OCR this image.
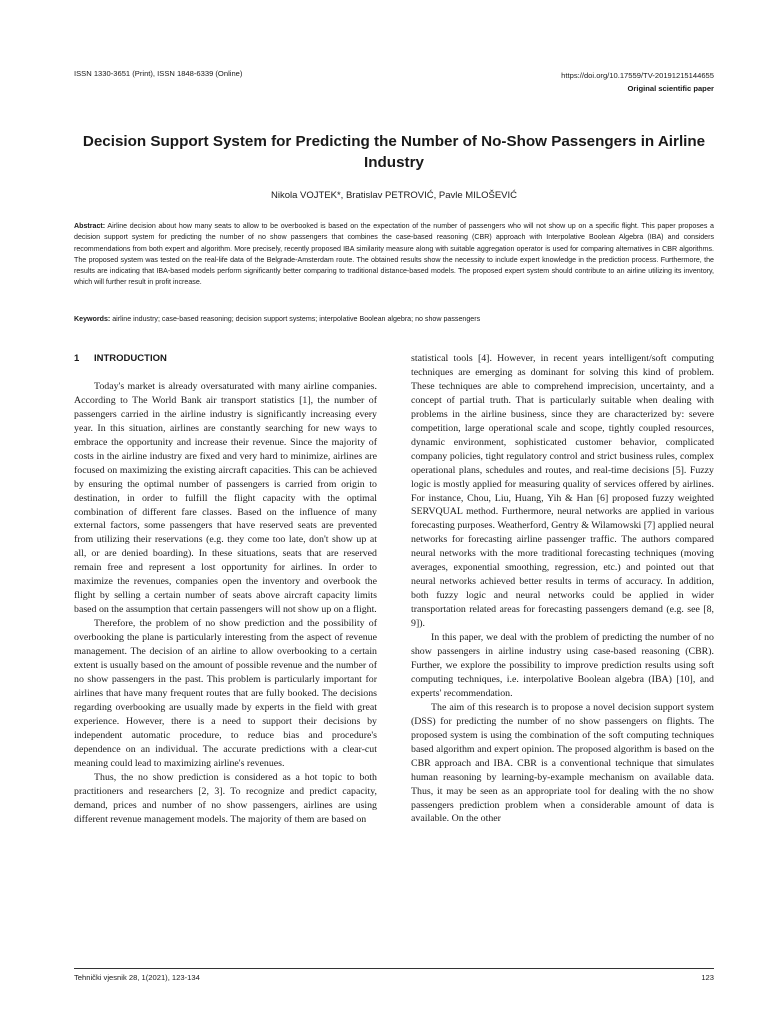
ISSN 1330-3651 (Print), ISSN 1848-6339 (Online)	https://doi.org/10.17559/TV-20191215144655
Original scientific paper
Decision Support System for Predicting the Number of No-Show Passengers in Airline Industry
Nikola VOJTEK*, Bratislav PETROVIĆ, Pavle MILOŠEVIĆ
Abstract: Airline decision about how many seats to allow to be overbooked is based on the expectation of the number of passengers who will not show up on a specific flight. This paper proposes a decision support system for predicting the number of no show passengers that combines the case-based reasoning (CBR) approach with Interpolative Boolean Algebra (IBA) and considers recommendations from both expert and algorithm. More precisely, recently proposed IBA similarity measure along with suitable aggregation operator is used for comparing alternatives in CBR algorithms. The proposed system was tested on the real-life data of the Belgrade-Amsterdam route. The obtained results show the necessity to include expert knowledge in the prediction process. Furthermore, the results are indicating that IBA-based models perform significantly better comparing to traditional distance-based models. The proposed expert system should contribute to an airline utilizing its inventory, which will further result in profit increase.
Keywords: airline industry; case-based reasoning; decision support systems; interpolative Boolean algebra; no show passengers
1 INTRODUCTION

Today's market is already oversaturated with many airline companies. According to The World Bank air transport statistics [1], the number of passengers carried in the airline industry is significantly increasing every year. In this situation, airlines are constantly searching for new ways to embrace the opportunity and increase their revenue. Since the majority of costs in the airline industry are fixed and very hard to minimize, airlines are focused on maximizing the existing aircraft capacities. This can be achieved by ensuring the optimal number of passengers is carried from origin to destination, in order to fulfill the flight capacity with the optimal combination of different fare classes. Based on the influence of many external factors, some passengers that have reserved seats are prevented from utilizing their reservations (e.g. they come too late, don't show up at all, or are denied boarding). In these situations, seats that are reserved remain free and represent a lost opportunity for airlines. In order to maximize the revenues, companies open the inventory and overbook the flight by selling a certain number of seats above aircraft capacity limits based on the assumption that certain passengers will not show up on a flight.

Therefore, the problem of no show prediction and the possibility of overbooking the plane is particularly interesting from the aspect of revenue management. The decision of an airline to allow overbooking to a certain extent is usually based on the amount of possible revenue and the number of no show passengers in the past. This problem is particularly important for airlines that have many frequent routes that are fully booked. The decisions regarding overbooking are usually made by experts in the field with great experience. However, there is a need to support their decisions by independent automatic procedure, to reduce bias and procedure's dependence on an individual. The accurate predictions with a clear-cut meaning could lead to maximizing airline's revenues.

Thus, the no show prediction is considered as a hot topic to both practitioners and researchers [2, 3]. To recognize and predict capacity, demand, prices and number of no show passengers, airlines are using different revenue management models. The majority of them are based on

statistical tools [4]. However, in recent years intelligent/soft computing techniques are emerging as dominant for solving this kind of problem. These techniques are able to comprehend imprecision, uncertainty, and a concept of partial truth. That is particularly suitable when dealing with problems in the airline business, since they are characterized by: severe competition, large operational scale and scope, tightly coupled resources, dynamic environment, sophisticated customer behavior, complicated company policies, tight regulatory control and strict business rules, complex operational plans, schedules and routes, and real-time decisions [5]. Fuzzy logic is mostly applied for measuring quality of services offered by airlines. For instance, Chou, Liu, Huang, Yih & Han [6] proposed fuzzy weighted SERVQUAL method. Furthermore, neural networks are applied in various forecasting purposes. Weatherford, Gentry & Wilamowski [7] applied neural networks for forecasting airline passenger traffic. The authors compared neural networks with the more traditional forecasting techniques (moving averages, exponential smoothing, regression, etc.) and pointed out that neural networks achieved better results in terms of accuracy. In addition, both fuzzy logic and neural networks could be applied in wider transportation related areas for forecasting passengers demand (e.g. see [8, 9]).

In this paper, we deal with the problem of predicting the number of no show passengers in airline industry using case-based reasoning (CBR). Further, we explore the possibility to improve prediction results using soft computing techniques, i.e. interpolative Boolean algebra (IBA) [10], and experts' recommendation.

The aim of this research is to propose a novel decision support system (DSS) for predicting the number of no show passengers on flights. The proposed system is using the combination of the soft computing techniques based algorithm and expert opinion. The proposed algorithm is based on the CBR approach and IBA. CBR is a conventional technique that simulates human reasoning by learning-by-example mechanism on available data. Thus, it may be seen as an appropriate tool for dealing with the no show passengers prediction problem when a considerable amount of data is available. On the other

Tehnički vjesnik 28, 1(2021), 123-134	123
